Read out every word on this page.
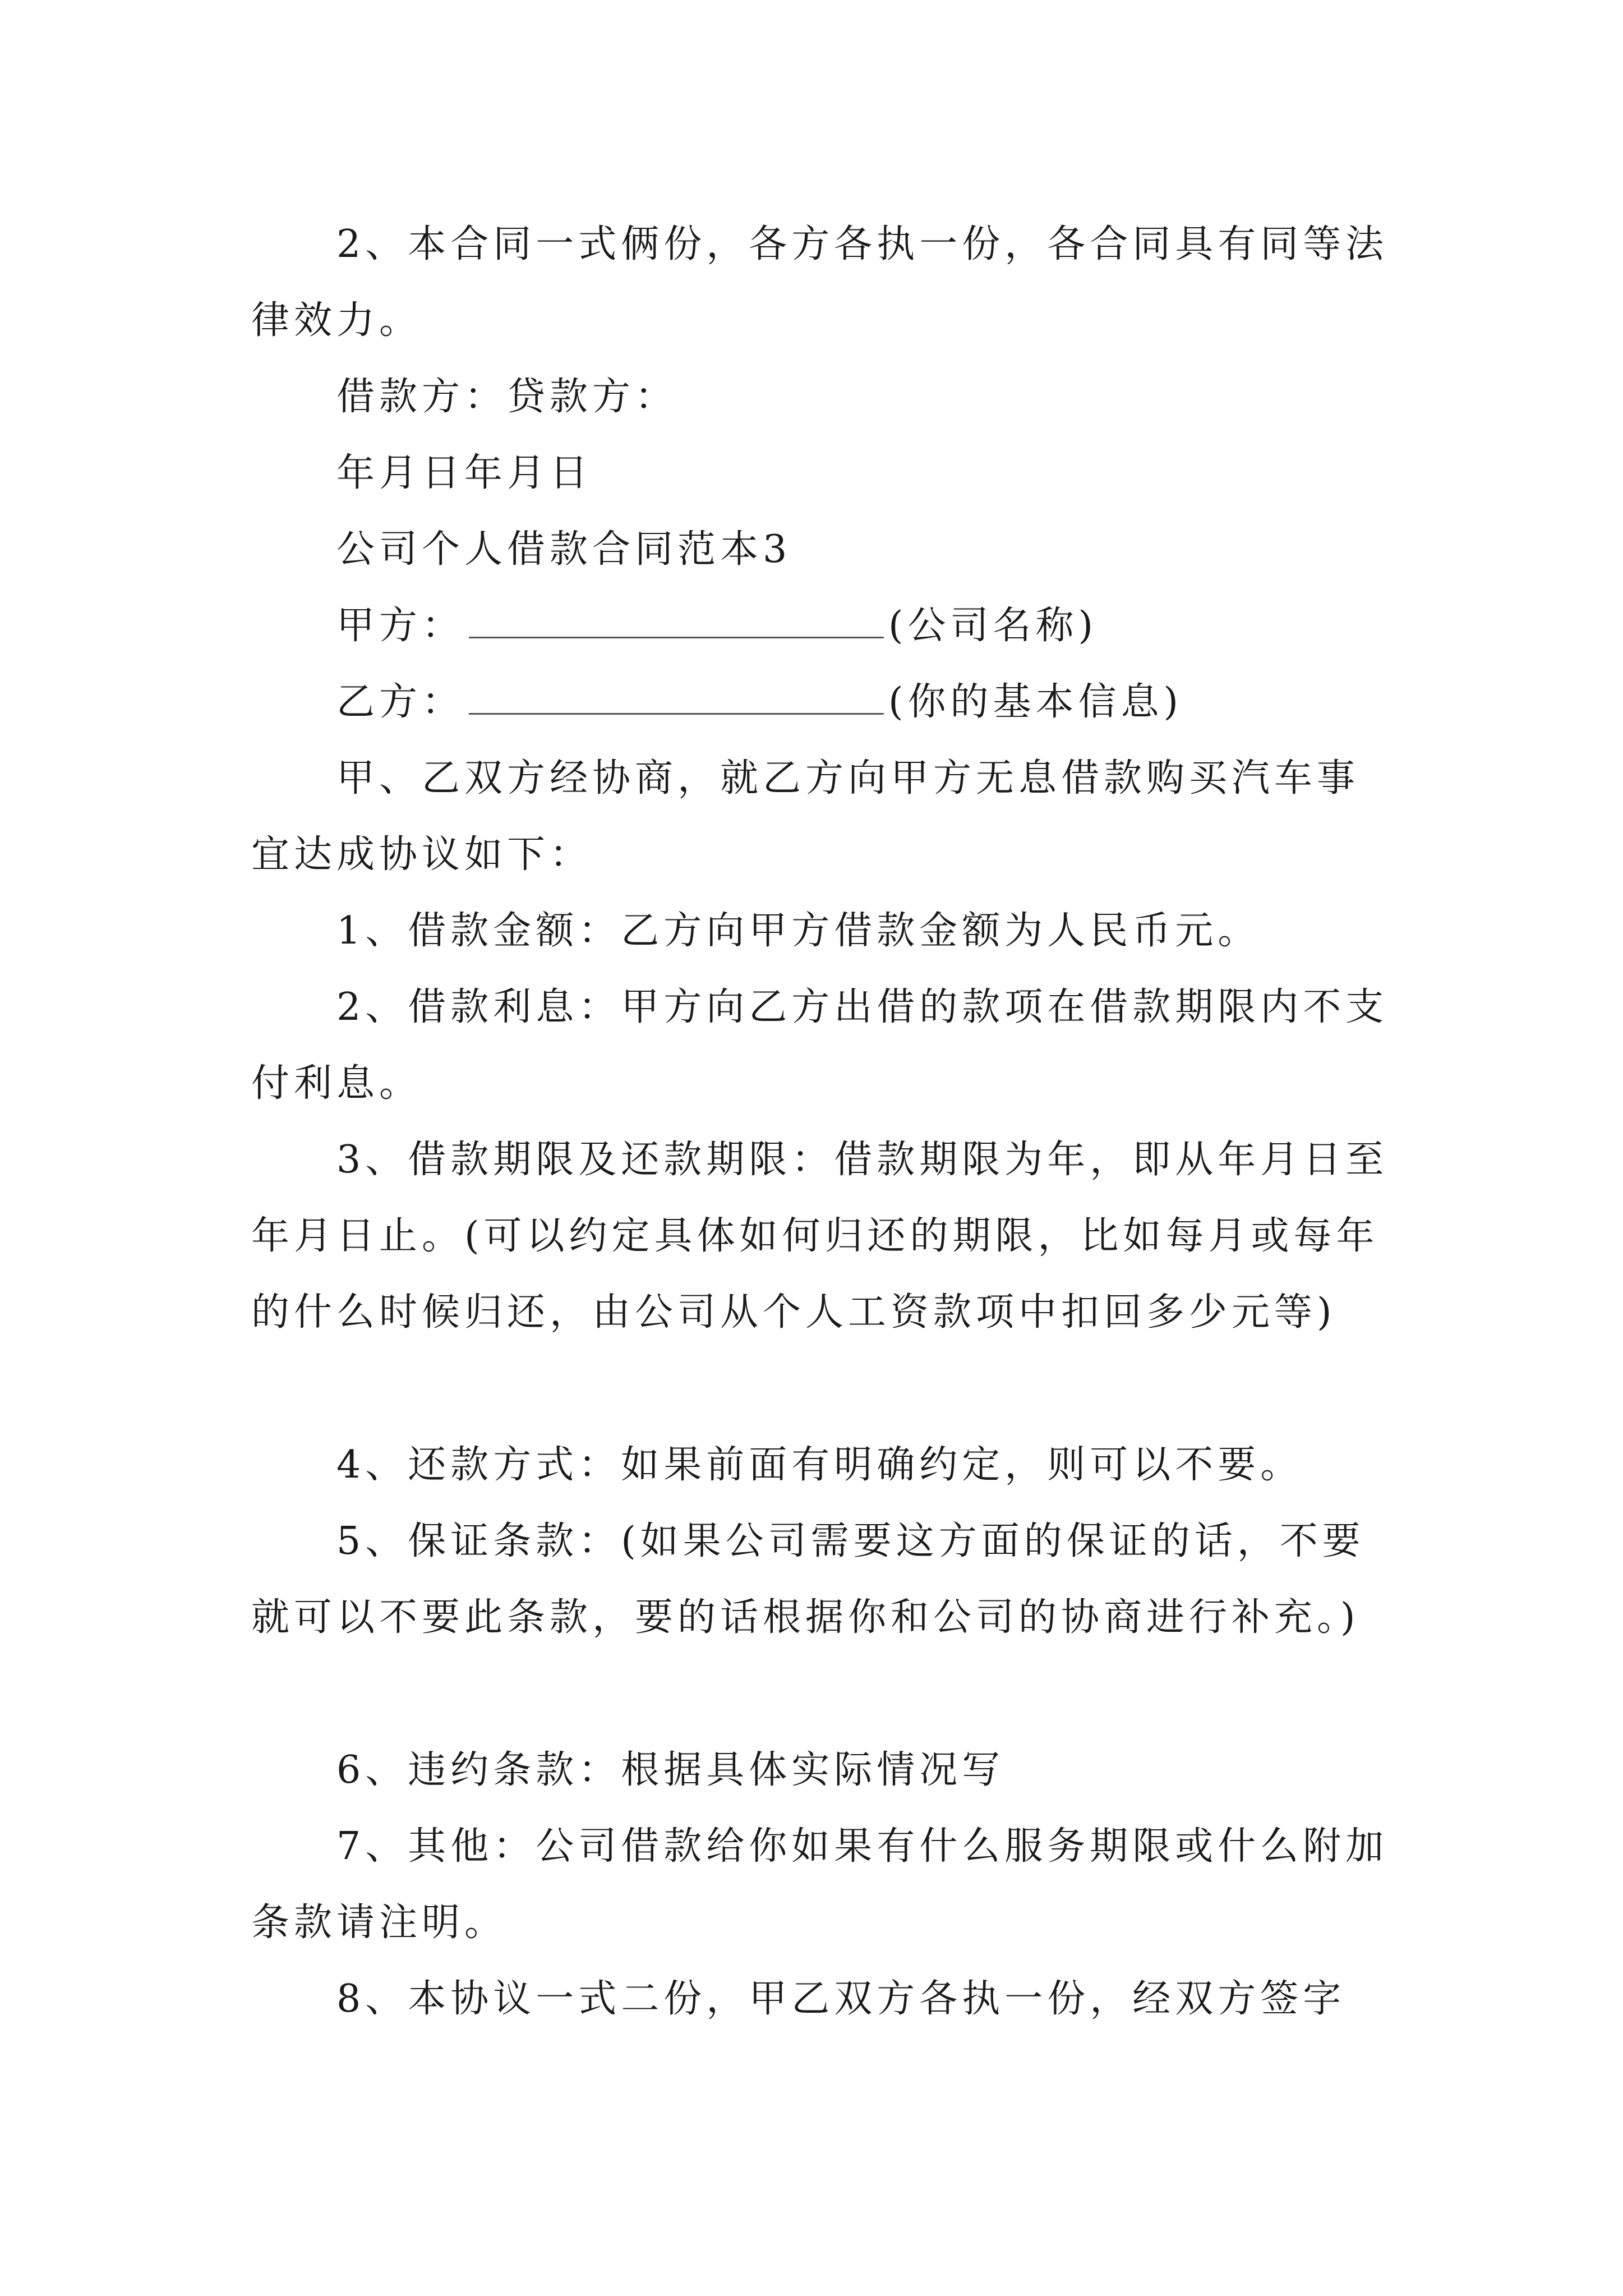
2、本合同一式俩份，各方各执一份，各合同具有同等法律效力。

借款方：贷款方：

年月日年月日

公司个人借款合同范本3

甲方：	(公司名称)

乙方：	(你的基本信息)

甲、乙双方经协商，就乙方向甲方无息借款购买汽车事宜达成协议如下：

1、借款金额：乙方向甲方借款金额为人民币元。

2、借款利息：甲方向乙方出借的款项在借款期限内不支付利息。

3、借款期限及还款期限：借款期限为年，即从年月日至年月日止。(可以约定具体如何归还的期限，比如每月或每年的什么时候归还，由公司从个人工资款项中扣回多少元等)

4、还款方式：如果前面有明确约定，则可以不要。

5、保证条款：(如果公司需要这方面的保证的话，不要就可以不要此条款，要的话根据你和公司的协商进行补充。)

6、违约条款：根据具体实际情况写

7、其他：公司借款给你如果有什么服务期限或什么附加条款请注明。

8、本协议一式二份，甲乙双方各执一份，经双方签字
